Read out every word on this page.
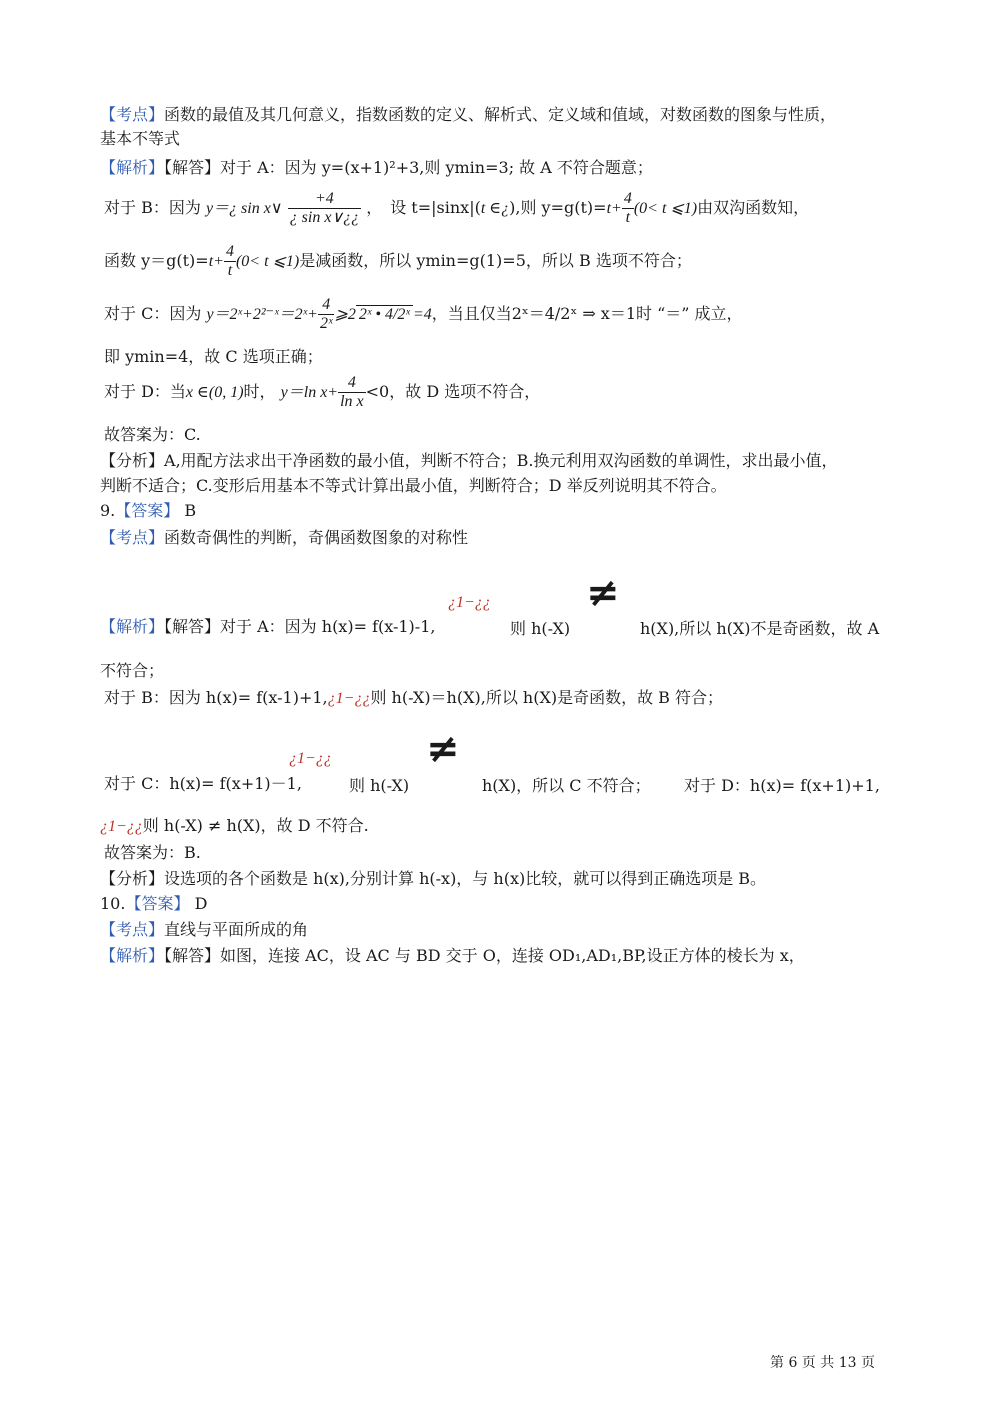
【考点】函数的最值及其几何意义，指数函数的定义、解析式、定义域和值域，对数函数的图象与性质，
基本不等式
【解析】【解答】对于 A：因为 y=(x+1)²+3,则 ymin=3; 故 A 不符合题意；
对于 B：因为 y＝¿ sin x∨ $\frac{+4}{\text{¿ sin x∨¿¿}}$ ，　设 t=|sinx|(t ∈¿),则 $y=g(t)=t+ \frac{4}{t} (0< t$ ⩽1)由双沟函数知，
函数 $y=g(t)=t+ \frac{4}{t} (0< t$ ⩽1)是减函数，所以 ymin=g(1)=5，所以 B 选项不符合；
对于 C：因为 y＝2ˣ+2²⁻ˣ＝2ˣ+ $\frac{4}{\text{2ˣ}}$ ⩾2 2ˣ • 4/2ˣ =4，当且仅当2ˣ＝4/2ˣ ⇒ x＝1时 “＝” 成立，
即 ymin=4，故 C 选项正确；
对于 D：当x ∈(0, 1)时， y＝ln $x+ \frac{4}{\text{ln x}} <0$，故 D 选项不符合，
故答案为：C.
【分析】A,用配方法求出干净函数的最小值，判断不符合；B.换元利用双沟函数的单调性，求出最小值，
判断不适合；C.变形后用基本不等式计算出最小值，判断符合；D 举反列说明其不符合。
9.【答案】 B
【考点】函数奇偶性的判断，奇偶函数图象的对称性
¿1−¿¿ ≠
【解析】【解答】对于 A：因为 h(x)= f(x-1)-1,	则 h(-X)	h(X),所以 h(X)不是奇函数，故 A
不符合；
对于 B：因为 h(x)= f(x-1)+1,¿1−¿¿则 h(-X)＝h(X),所以 h(X)是奇函数，故 B 符合；
¿1−¿¿ ≠
对于 C：h(x)= f(x+1)－1,	则 h(-X)	h(X)，所以 C 不符合； 对于 D：h(x)= f(x+1)+1,
¿1−¿¿则 h(-X) ≠ h(X)，故 D 不符合.
故答案为：B.
【分析】设选项的各个函数是 h(x),分别计算 h(-x)，与 h(x)比较，就可以得到正确选项是 B。
10.【答案】 D
【考点】直线与平面所成的角
【解析】【解答】如图，连接 AC，设 AC 与 BD 交于 O，连接 OD₁,AD₁,BP,设正方体的棱长为 x，
第 6 页 共 13 页
